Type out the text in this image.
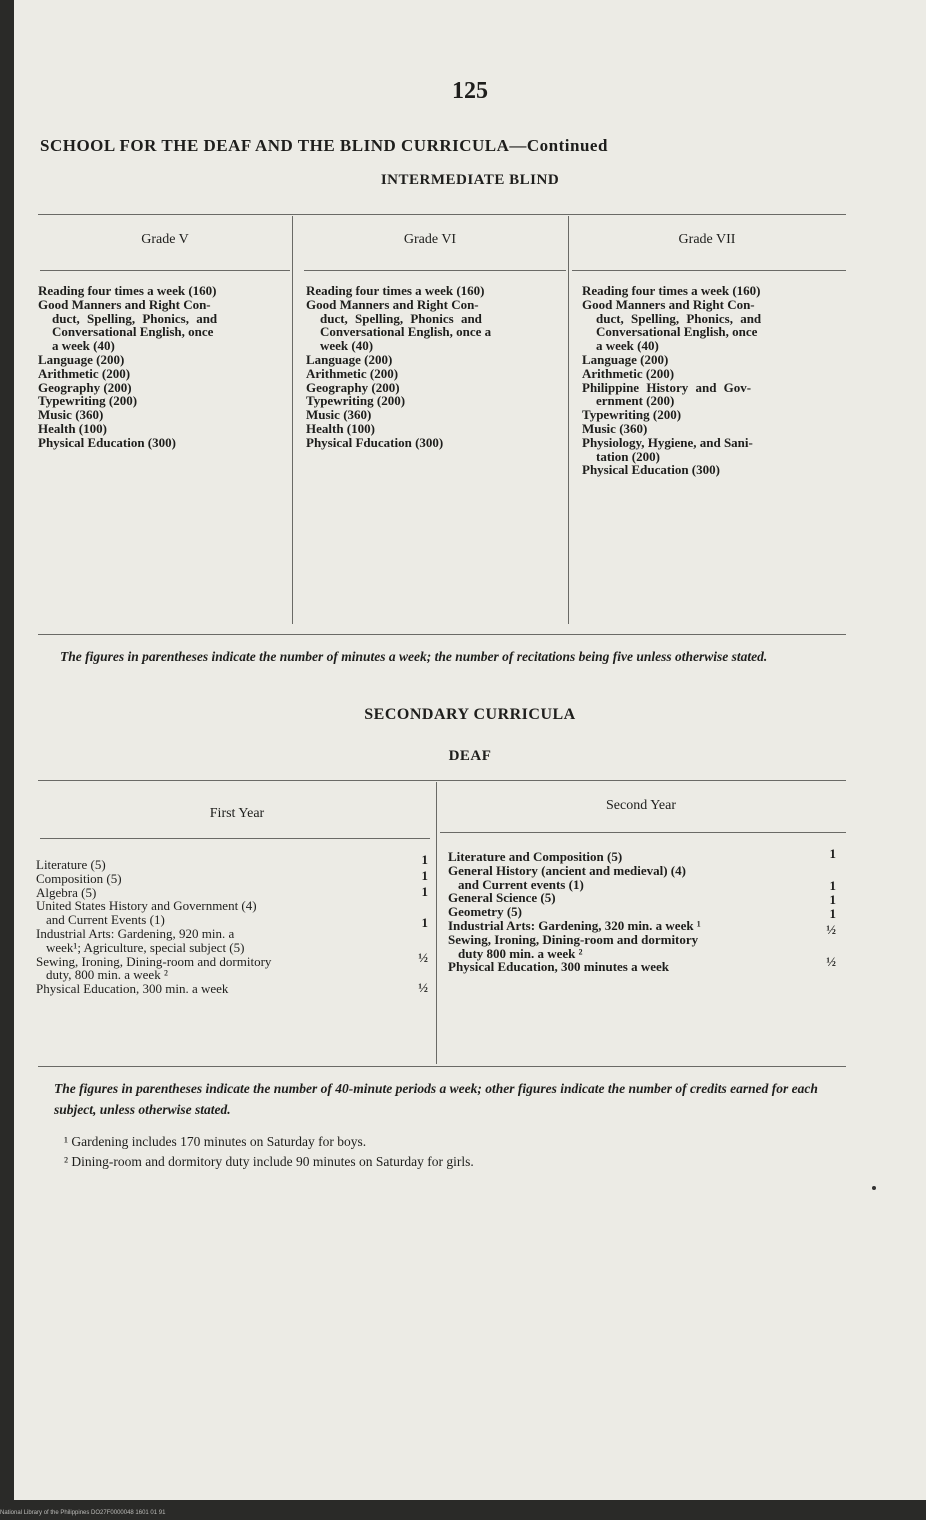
125
SCHOOL FOR THE DEAF AND THE BLIND CURRICULA—Continued
INTERMEDIATE BLIND
Grade V	Grade VI	Grade VII
Reading four times a week (160)
Good Manners and Right Con-
duct, Spelling, Phonics, and
Conversational English, once
a week (40)
Language (200)
Arithmetic (200)
Geography (200)
Typewriting (200)
Music (360)
Health (100)
Physical Education (300)
Reading four times a week (160)
Good Manners and Right Con-
duct, Spelling, Phonics and
Conversational English, once a
week (40)
Language (200)
Arithmetic (200)
Geography (200)
Typewriting (200)
Music (360)
Health (100)
Physical Fducation (300)
Reading four times a week (160)
Good Manners and Right Con-
duct, Spelling, Phonics, and
Conversational English, once
a week (40)
Language (200)
Arithmetic (200)
Philippine History and Gov-
ernment (200)
Typewriting (200)
Music (360)
Physiology, Hygiene, and Sani-
tation (200)
Physical Education (300)
The figures in parentheses indicate the number of minutes a week; the number of recitations being five unless otherwise stated.
SECONDARY CURRICULA
DEAF
First Year
Second Year
Literature (5)
Composition (5)
Algebra (5)
United States History and Government (4)
and Current Events (1)
Industrial Arts: Gardening, 920 min. a
week¹; Agriculture, special subject (5)
Sewing, Ironing, Dining-room and dormitory
duty, 800 min. a week ²
Physical Education, 300 min. a week
1
1
1
1
½
½
Literature and Composition (5)
General History (ancient and medieval) (4)
and Current events (1)
General Science (5)
Geometry (5)
Industrial Arts: Gardening, 320 min. a week ¹
Sewing, Ironing, Dining-room and dormitory
duty 800 min. a week ²
Physical Education, 300 minutes a week
1
1
1
1
½
½
The figures in parentheses indicate the number of 40-minute periods a week; other figures indicate the number of credits earned for each subject, unless otherwise stated.
¹ Gardening includes 170 minutes on Saturday for boys.
² Dining-room and dormitory duty include 90 minutes on Saturday for girls.
National Library of the Philippines DO27F0000048 1601 01 91
